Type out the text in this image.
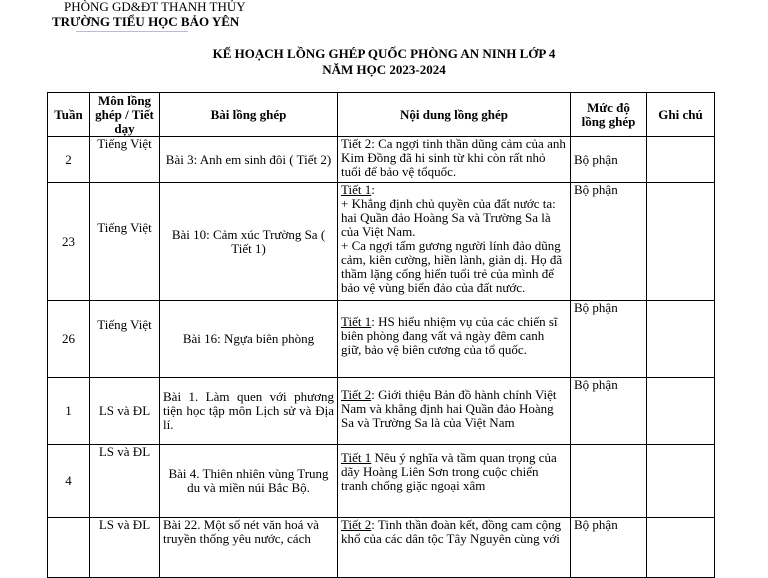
PHÒNG GD&ĐT THANH THỦY
TRƯỜNG TIỂU HỌC BẢO YÊN
KẾ HOẠCH LỒNG GHÉP QUỐC PHÒNG AN NINH LỚP 4
NĂM HỌC 2023-2024
Tuần	Môn lồng ghép / Tiết dạy	Bài lồng ghép	Nội dung lồng ghép	Mức độ lồng ghép	Ghi chú
2	Tiếng Việt	Bài 3: Anh em sinh đôi ( Tiết 2)	Tiết 2: Ca ngợi tinh thần dũng cảm của anh Kim Đồng đã hi sinh từ khi còn rất nhỏ tuổi để bảo vệ tổquốc.	Bộ phận	
23	Tiếng Việt	Bài 10: Cảm xúc Trường Sa ( Tiết 1)	Tiết 1:
+ Khẳng định chủ quyền của đất nước ta: hai Quần đảo Hoàng Sa và Trường Sa là của Việt Nam.
+ Ca ngợi tấm gương người lính đảo dũng cảm, kiên cường, hiền lành, giản dị. Họ đã thầm lặng cống hiến tuổi trẻ của mình để bảo vệ vùng biển đảo của đất nước.	Bộ phận	
26	Tiếng Việt	Bài 16: Ngựa biên phòng	Tiết 1: HS hiểu nhiệm vụ của các chiến sĩ biên phòng đang vất vả ngày đêm canh giữ, bảo vệ biên cương của tổ quốc.	Bộ phận	
1	LS và ĐL	Bài 1. Làm quen với phương tiện học tập môn Lịch sử và Địa lí.	Tiết 2: Giới thiệu Bản đồ hành chính Việt Nam và khẳng định hai Quần đảo Hoàng Sa và Trường Sa là của Việt Nam	Bộ phận	
4	LS và ĐL	Bài 4. Thiên nhiên vùng Trung du và miền núi Bắc Bộ.	Tiết 1 Nêu ý nghĩa và tầm quan trọng của dãy Hoàng Liên Sơn trong cuộc chiến tranh chống giặc ngoại xâm		
	LS và ĐL	Bài 22. Một số nét văn hoá và truyền thống yêu nước, cách	Tiết 2: Tinh thần đoàn kết, đồng cam cộng khổ của các dân tộc Tây Nguyên cùng với	Bộ phận	
